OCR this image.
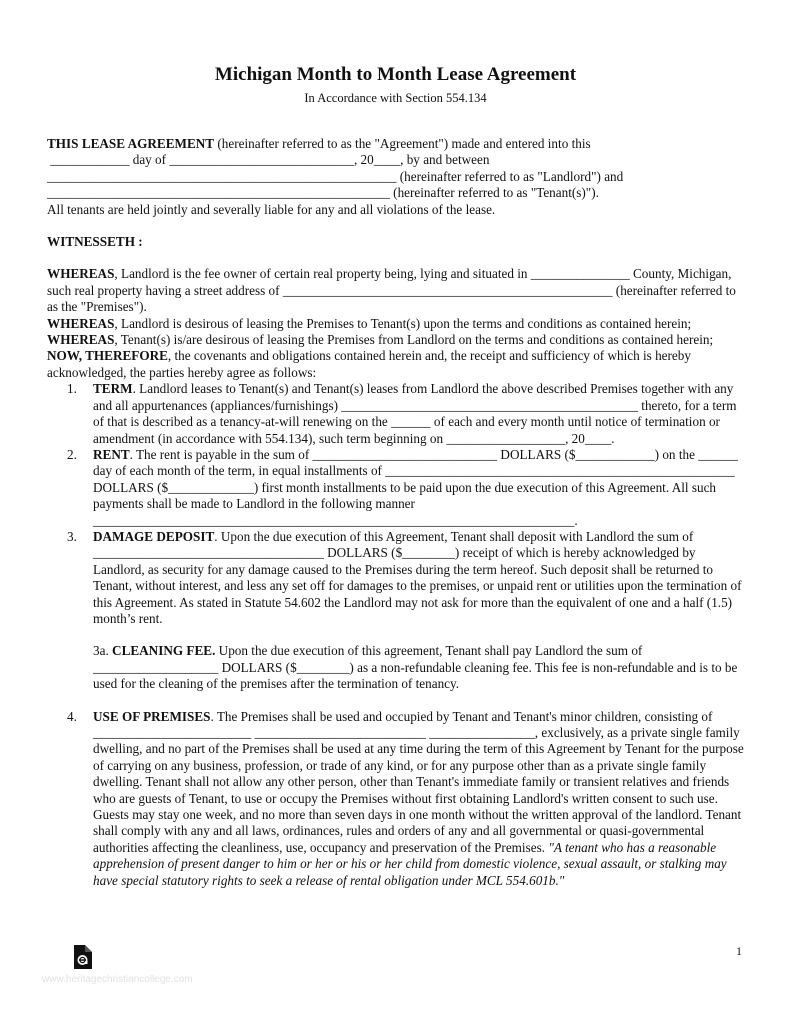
Michigan Month to Month Lease Agreement
In Accordance with Section 554.134

THIS LEASE AGREEMENT (hereinafter referred to as the "Agreement") made and entered into this

____________ day of ____________________________, 20____, by and between

_____________________________________________________ (hereinafter referred to as "Landlord") and

____________________________________________________ (hereinafter referred to as "Tenant(s)").

All tenants are held jointly and severally liable for any and all violations of the lease.

WITNESSETH :

WHEREAS, Landlord is the fee owner of certain real property being, lying and situated in _______________ County, Michigan, such real property having a street address of __________________________________________________ (hereinafter referred to as the "Premises").

WHEREAS, Landlord is desirous of leasing the Premises to Tenant(s) upon the terms and conditions as contained herein;

WHEREAS, Tenant(s) is/are desirous of leasing the Premises from Landlord on the terms and conditions as contained herein;

NOW, THEREFORE, the covenants and obligations contained herein and, the receipt and sufficiency of which is hereby acknowledged, the parties hereby agree as follows:

1. TERM. Landlord leases to Tenant(s) and Tenant(s) leases from Landlord the above described Premises together with any and all appurtenances (appliances/furnishings) _____________________________________________ thereto, for a term of that is described as a tenancy-at-will renewing on the ______ of each and every month until notice of termination or amendment (in accordance with 554.134), such term beginning on __________________, 20____.
2. RENT. The rent is payable in the sum of ____________________________ DOLLARS ($____________) on the ______ day of each month of the term, in equal installments of _____________________________________________________ DOLLARS ($_____________) first month installments to be paid upon the due execution of this Agreement. All such payments shall be made to Landlord in the following manner _________________________________________________________________________.
3. DAMAGE DEPOSIT. Upon the due execution of this Agreement, Tenant shall deposit with Landlord the sum of ___________________________________ DOLLARS ($________) receipt of which is hereby acknowledged by Landlord, as security for any damage caused to the Premises during the term hereof. Such deposit shall be returned to Tenant, without interest, and less any set off for damages to the premises, or unpaid rent or utilities upon the termination of this Agreement. As stated in Statute 54.602 the Landlord may not ask for more than the equivalent of one and a half (1.5) month’s rent.

3a. CLEANING FEE. Upon the due execution of this agreement, Tenant shall pay Landlord the sum of ___________________ DOLLARS ($________) as a non-refundable cleaning fee. This fee is non-refundable and is to be used for the cleaning of the premises after the termination of tenancy.

4. USE OF PREMISES. The Premises shall be used and occupied by Tenant and Tenant's minor children, consisting of ________________________ __________________________ ________________, exclusively, as a private single family dwelling, and no part of the Premises shall be used at any time during the term of this Agreement by Tenant for the purpose of carrying on any business, profession, or trade of any kind, or for any purpose other than as a private single family dwelling. Tenant shall not allow any other person, other than Tenant's immediate family or transient relatives and friends who are guests of Tenant, to use or occupy the Premises without first obtaining Landlord's written consent to such use. Guests may stay one week, and no more than seven days in one month without the written approval of the landlord. Tenant shall comply with any and all laws, ordinances, rules and orders of any and all governmental or quasi-governmental authorities affecting the cleanliness, use, occupancy and preservation of the Premises. "A tenant who has a reasonable apprehension of present danger to him or her or his or her child from domestic violence, sexual assault, or stalking may have special statutory rights to seek a release of rental obligation under MCL 554.601b."
www.heritagechristiancollege.com
1
